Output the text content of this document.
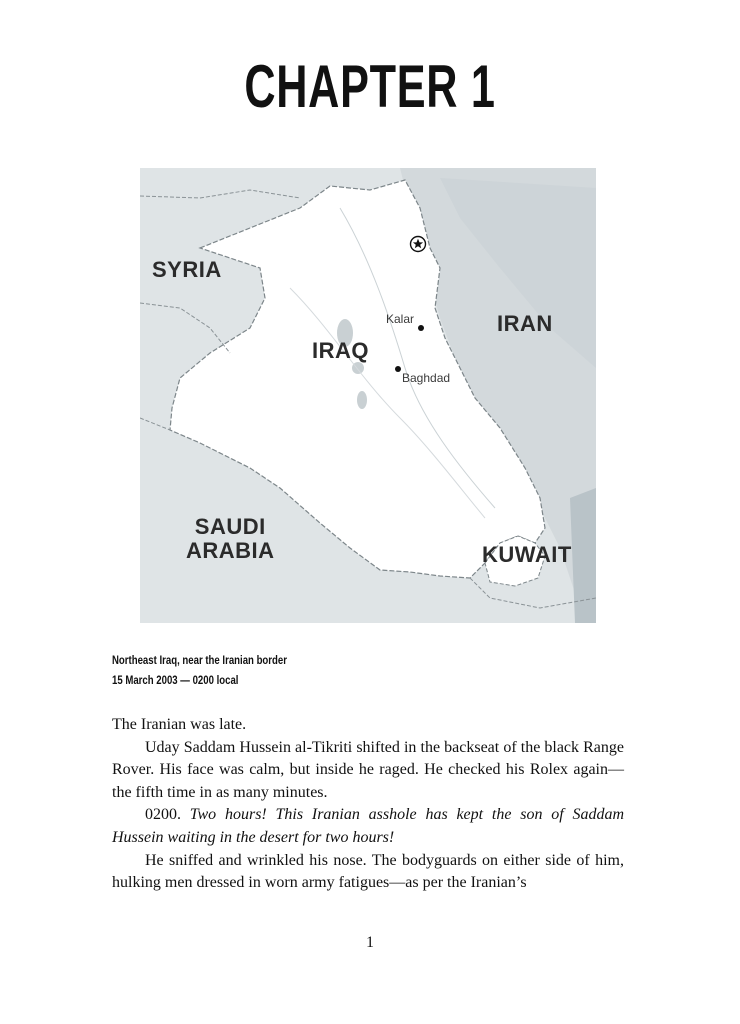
CHAPTER 1
SYRIA
IRAQ
IRAN
SAUDI
ARABIA	KUWAIT
Kalar
Baghdad
Northeast Iraq, near the Iranian border
15 March 2003 — 0200 local

The Iranian was late.

Uday Saddam Hussein al-Tikriti shifted in the backseat of the black Range Rover. His face was calm, but inside he raged. He checked his Rolex again—the fifth time in as many minutes.

0200. Two hours! This Iranian asshole has kept the son of Saddam Hussein waiting in the desert for two hours!

He sniffed and wrinkled his nose. The bodyguards on either side of him, hulking men dressed in worn army fatigues—as per the Iranian’s

1
